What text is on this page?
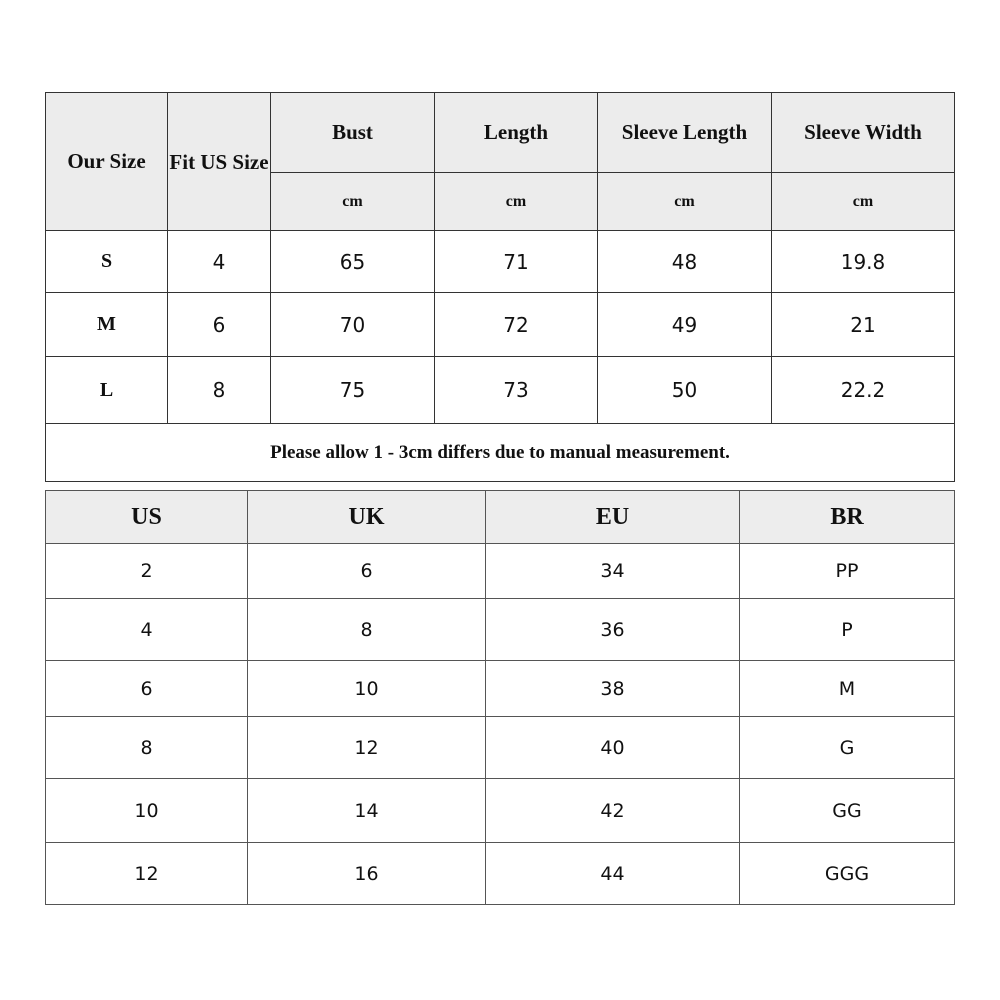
Our Size	Fit US Size	Bust	Length	Sleeve Length	Sleeve Width
		cm	cm	cm	cm
S	4	65	71	48	19.8
M	6	70	72	49	21
L	8	75	73	50	22.2
Please allow 1 - 3cm differs due to manual measurement.					
US	UK	EU	BR
2	6	34	PP
4	8	36	P
6	10	38	M
8	12	40	G
10	14	42	GG
12	16	44	GGG
